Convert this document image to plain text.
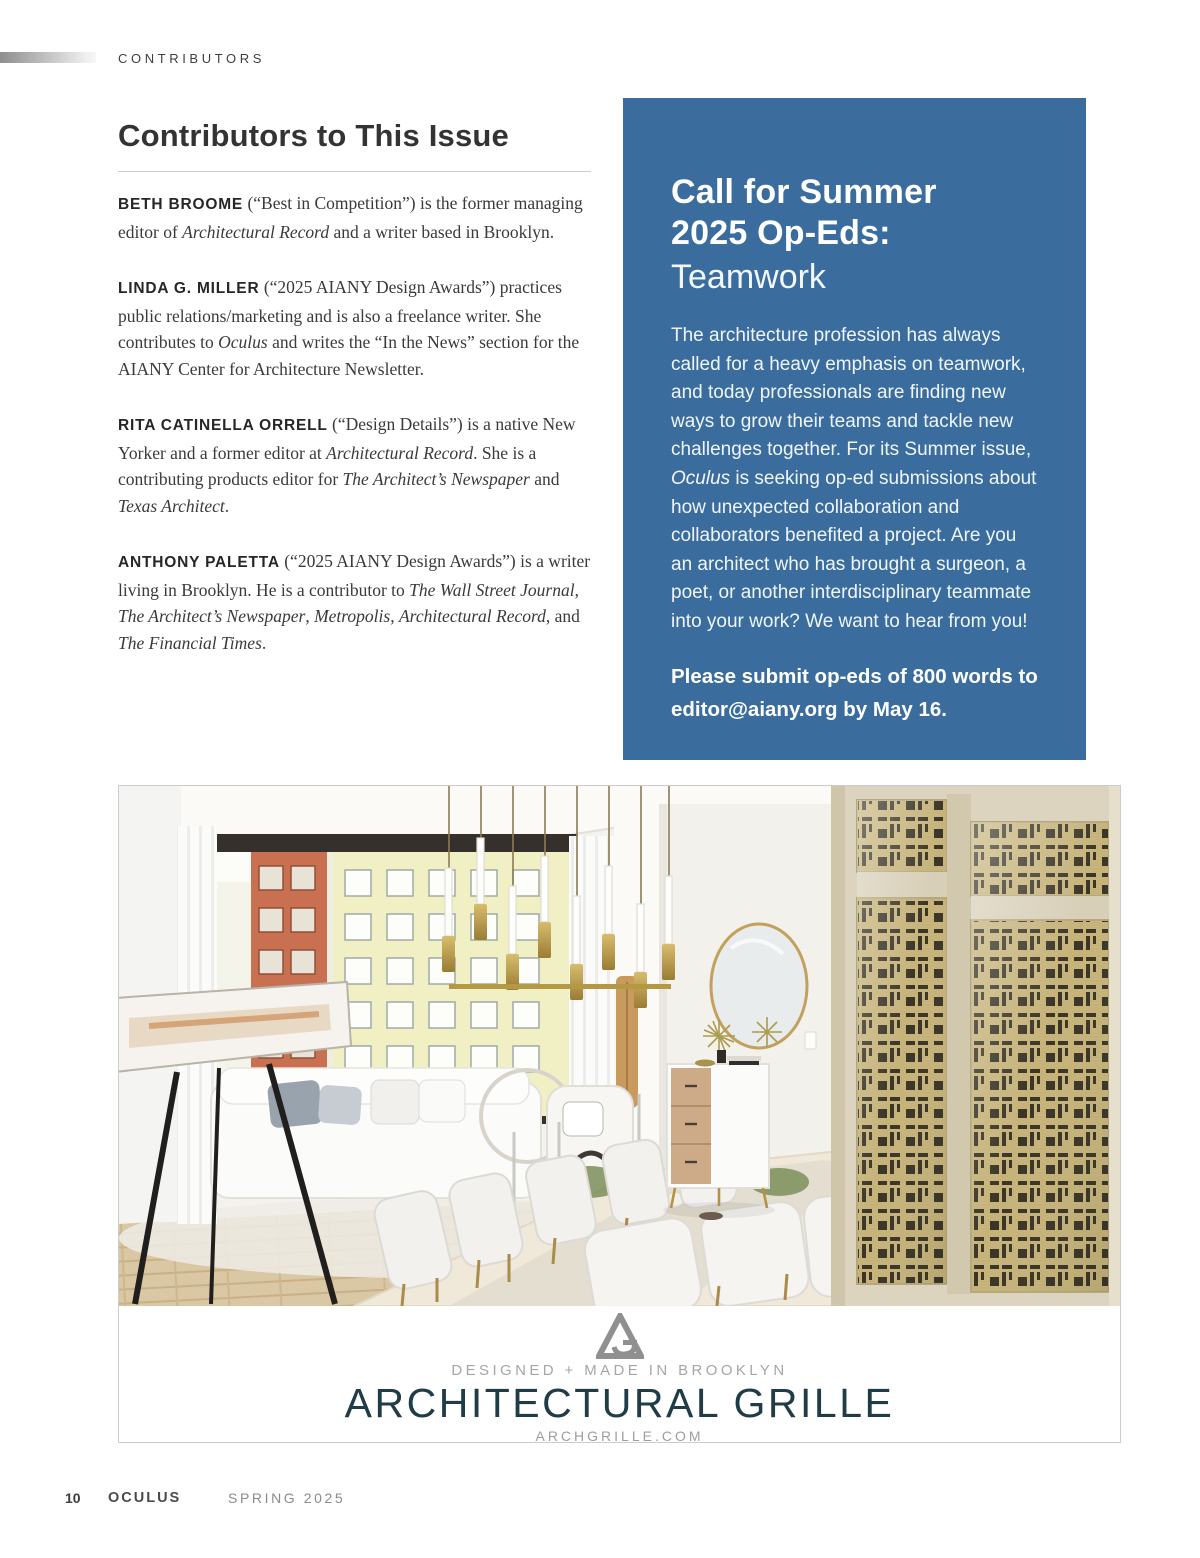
CONTRIBUTORS
Contributors to This Issue

BETH BROOME (“Best in Competition”) is the former managing editor of Architectural Record and a writer based in Brooklyn.

LINDA G. MILLER (“2025 AIANY Design Awards”) practices public relations/marketing and is also a freelance writer. She contributes to Oculus and writes the “In the News” section for the AIANY Center for Architecture Newsletter.

RITA CATINELLA ORRELL (“Design Details”) is a native New Yorker and a former editor at Architectural Record. She is a contributing products editor for The Architect’s Newspaper and Texas Architect.

ANTHONY PALETTA (“2025 AIANY Design Awards”) is a writer living in Brooklyn. He is a contributor to The Wall Street Journal, The Architect’s Newspaper, Metropolis, Architectural Record, and The Financial Times.

Call for Summer
2025 Op-Eds:
Teamwork
The architecture profession has always called for a heavy emphasis on teamwork, and today professionals are finding new ways to grow their teams and tackle new challenges together. For its Summer issue, Oculus is seeking op-ed submissions about how unexpected collaboration and collaborators benefited a project. Are you an architect who has brought a surgeon, a poet, or another interdisciplinary teammate into your work? We want to hear from you!
Please submit op-eds of 800 words to editor@aiany.org by May 16.
DESIGNED + MADE IN BROOKLYN
ARCHITECTURAL GRILLE
ARCHGRILLE.COM
10 OCULUS	SPRING 2025
